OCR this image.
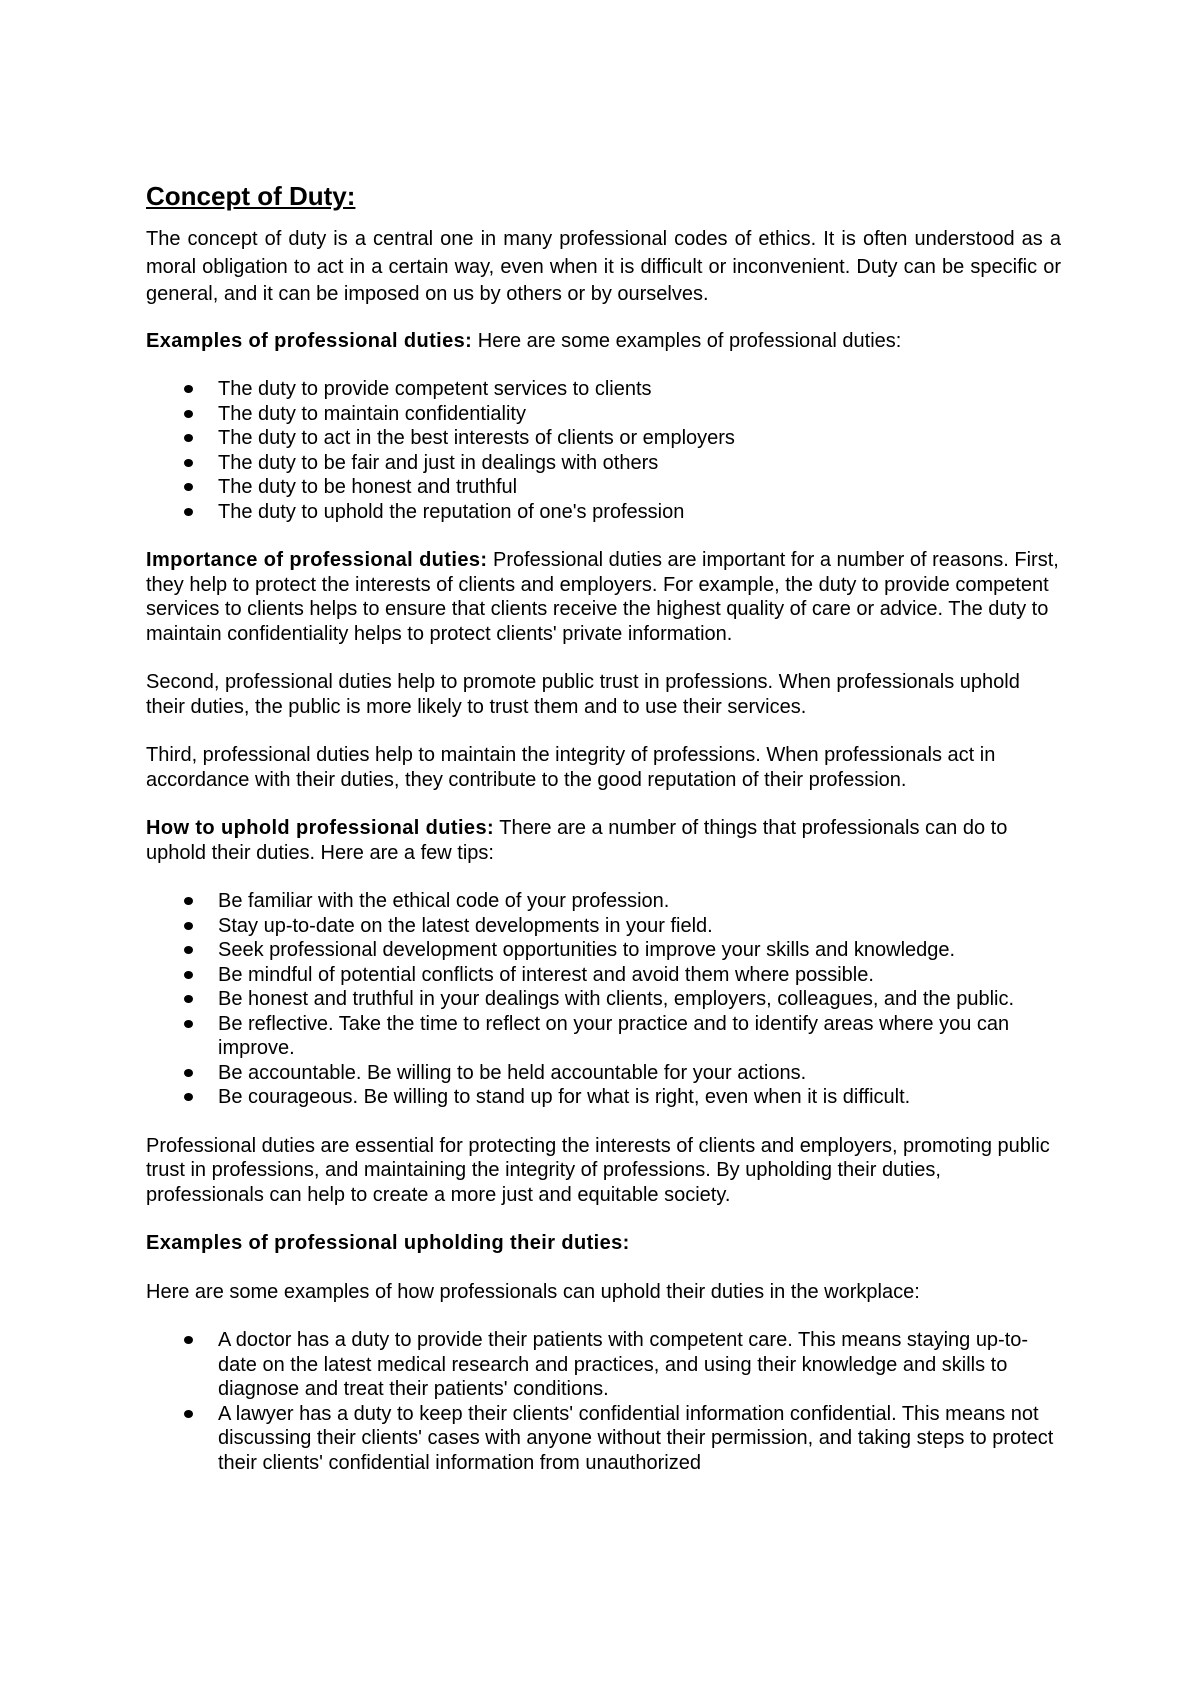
Concept of Duty:

The concept of duty is a central one in many professional codes of ethics. It is often understood as a moral obligation to act in a certain way, even when it is difficult or inconvenient. Duty can be specific or general, and it can be imposed on us by others or by ourselves.

Examples of professional duties: Here are some examples of professional duties:

The duty to provide competent services to clients
The duty to maintain confidentiality
The duty to act in the best interests of clients or employers
The duty to be fair and just in dealings with others
The duty to be honest and truthful
The duty to uphold the reputation of one's profession

Importance of professional duties: Professional duties are important for a number of reasons. First, they help to protect the interests of clients and employers. For example, the duty to provide competent services to clients helps to ensure that clients receive the highest quality of care or advice. The duty to maintain confidentiality helps to protect clients' private information.

Second, professional duties help to promote public trust in professions. When professionals uphold their duties, the public is more likely to trust them and to use their services.

Third, professional duties help to maintain the integrity of professions. When professionals act in accordance with their duties, they contribute to the good reputation of their profession.

How to uphold professional duties: There are a number of things that professionals can do to uphold their duties. Here are a few tips:

Be familiar with the ethical code of your profession.
Stay up-to-date on the latest developments in your field.
Seek professional development opportunities to improve your skills and knowledge.
Be mindful of potential conflicts of interest and avoid them where possible.
Be honest and truthful in your dealings with clients, employers, colleagues, and the public.
Be reflective. Take the time to reflect on your practice and to identify areas where you can improve.
Be accountable. Be willing to be held accountable for your actions.
Be courageous. Be willing to stand up for what is right, even when it is difficult.

Professional duties are essential for protecting the interests of clients and employers, promoting public trust in professions, and maintaining the integrity of professions. By upholding their duties, professionals can help to create a more just and equitable society.

Examples of professional upholding their duties:

Here are some examples of how professionals can uphold their duties in the workplace:

A doctor has a duty to provide their patients with competent care. This means staying up-to-date on the latest medical research and practices, and using their knowledge and skills to diagnose and treat their patients' conditions.
A lawyer has a duty to keep their clients' confidential information confidential. This means not discussing their clients' cases with anyone without their permission, and taking steps to protect their clients' confidential information from unauthorized
